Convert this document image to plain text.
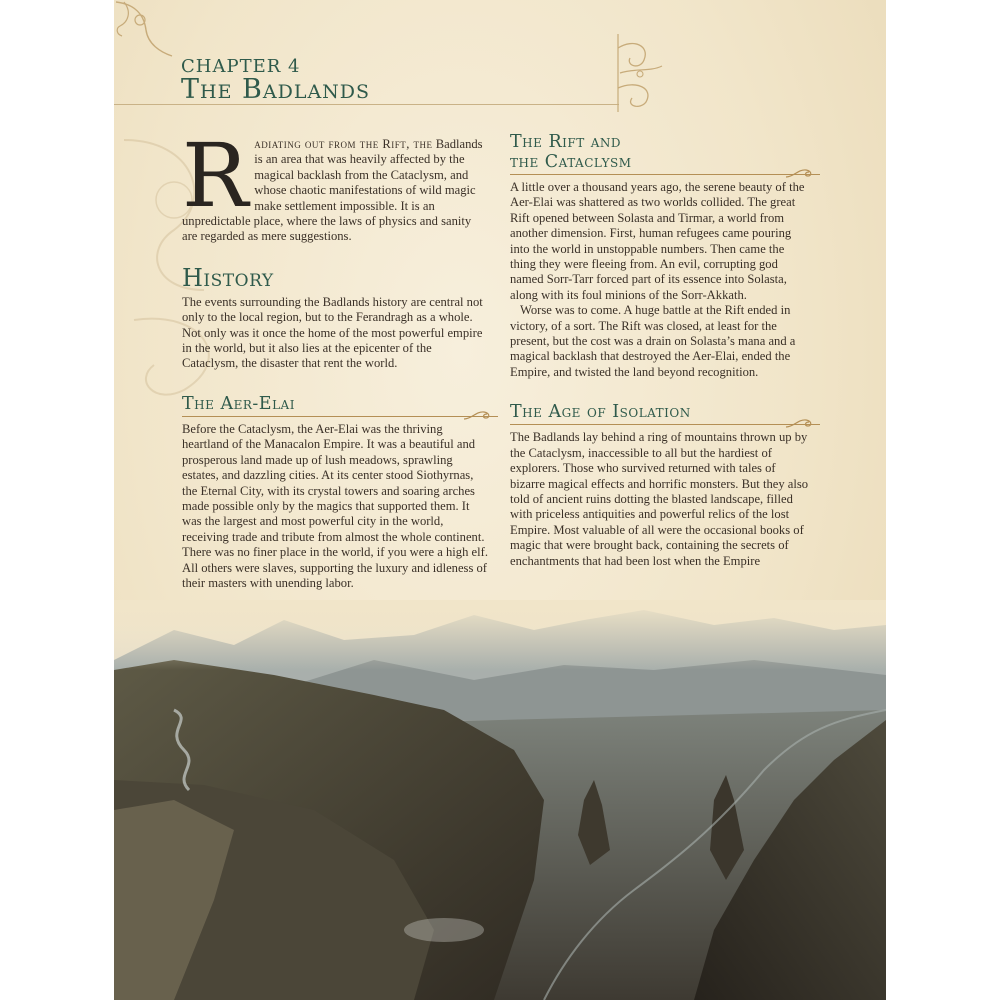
CHAPTER 4
The Badlands
R adiating out from the Rift, the Badlands is an area that was heavily affected by the magical backlash from the Cataclysm, and whose chaotic manifestations of wild magic make settlement impossible. It is an unpredictable place, where the laws of physics and sanity are regarded as mere suggestions.

History

The events surrounding the Badlands history are central not only to the local region, but to the Ferandragh as a whole. Not only was it once the home of the most powerful empire in the world, but it also lies at the epicenter of the Cataclysm, the disaster that rent the world.

The Aer-Elai

Before the Cataclysm, the Aer-Elai was the thriving heartland of the Manacalon Empire. It was a beautiful and prosperous land made up of lush meadows, sprawling estates, and dazzling cities. At its center stood Siothyrnas, the Eternal City, with its crystal towers and soaring arches made possible only by the magics that supported them. It was the largest and most powerful city in the world, receiving trade and tribute from almost the whole continent. There was no finer place in the world, if you were a high elf. All others were slaves, supporting the luxury and idleness of their masters with unending labor.

The Rift and
the Cataclysm

A little over a thousand years ago, the serene beauty of the Aer-Elai was shattered as two worlds collided. The great Rift opened between Solasta and Tirmar, a world from another dimension. First, human refugees came pouring into the world in unstoppable numbers. Then came the thing they were fleeing from. An evil, corrupting god named Sorr-Tarr forced part of its essence into Solasta, along with its foul minions of the Sorr-Akkath.

Worse was to come. A huge battle at the Rift ended in victory, of a sort. The Rift was closed, at least for the present, but the cost was a drain on Solasta’s mana and a magical backlash that destroyed the Aer-Elai, ended the Empire, and twisted the land beyond recognition.

The Age of Isolation

The Badlands lay behind a ring of mountains thrown up by the Cataclysm, inaccessible to all but the hardiest of explorers. Those who survived returned with tales of bizarre magical effects and horrific monsters. But they also told of ancient ruins dotting the blasted landscape, filled with priceless antiquities and powerful relics of the lost Empire. Most valuable of all were the occasional books of magic that were brought back, containing the secrets of enchantments that had been lost when the Empire
